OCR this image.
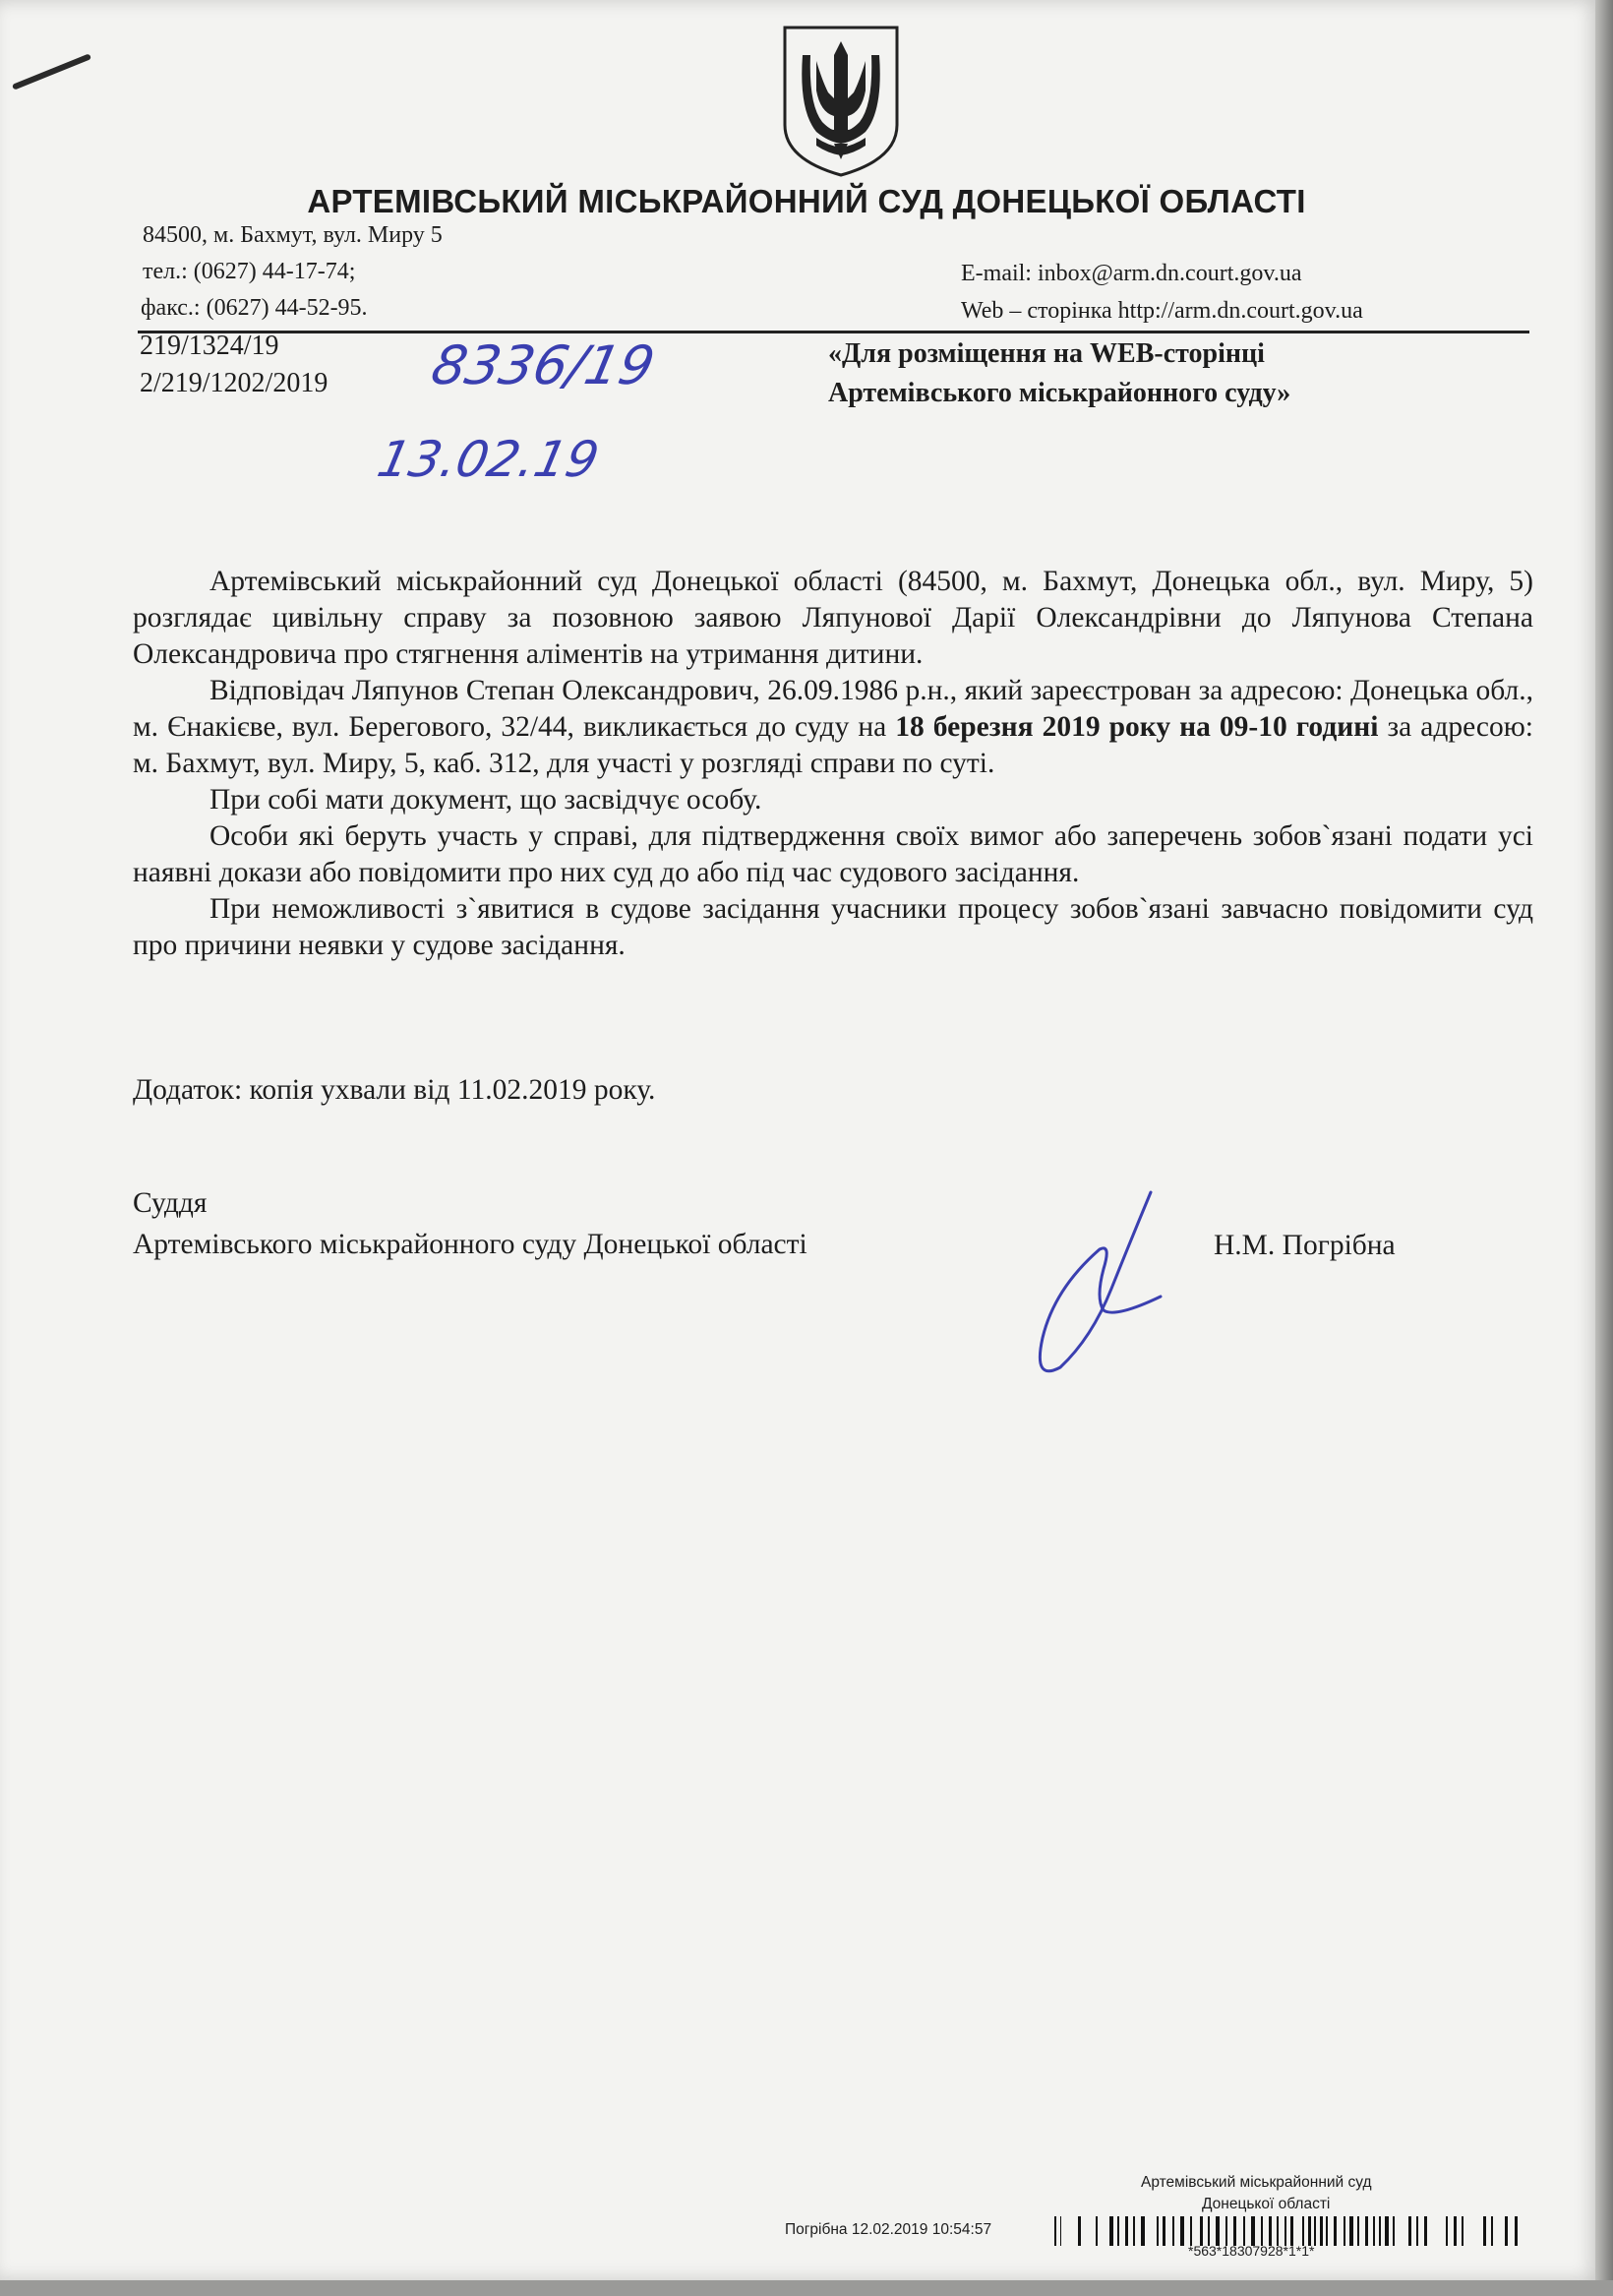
АРТЕМІВСЬКИЙ МІСЬКРАЙОННИЙ СУД ДОНЕЦЬКОЇ ОБЛАСТІ
84500, м. Бахмут, вул. Миру 5
тел.: (0627) 44-17-74;
факс.: (0627) 44-52-95.
E-mail: inbox@arm.dn.court.gov.ua
Web – сторінка http://arm.dn.court.gov.ua
219/1324/19
2/219/1202/2019
«Для розміщення на WEB-сторінці
Артемівського міськрайонного суду»
8336/19
13.02.19

Артемівський міськрайонний суд Донецької області (84500, м. Бахмут, Донецька обл., вул. Миру, 5) розглядає цивільну справу за позовною заявою Ляпунової Дарії Олександрівни до Ляпунова Степана Олександровича про стягнення аліментів на утримання дитини.

Відповідач Ляпунов Степан Олександрович, 26.09.1986 р.н., який зареєстрован за адресою: Донецька обл., м. Єнакієве, вул. Берегового, 32/44, викликається до суду на 18 березня 2019 року на 09-10 годині за адресою: м. Бахмут, вул. Миру, 5, каб. 312, для участі у розгляді справи по суті.

При собі мати документ, що засвідчує особу.

Особи які беруть участь у справі, для підтвердження своїх вимог або заперечень зобов`язані подати усі наявні докази або повідомити про них суд до або під час судового засідання.

При неможливості з`явитися в судове засідання учасники процесу зобов`язані завчасно повідомити суд про причини неявки у судове засідання.

Додаток: копія ухвали від 11.02.2019 року.
Суддя
Артемівського міськрайонного суду Донецької області	Н.М. Погрібна
Артемівський міськрайонний суд
Донецької області
Погрібна 12.02.2019 10:54:57
*563*18307928*1*1*
